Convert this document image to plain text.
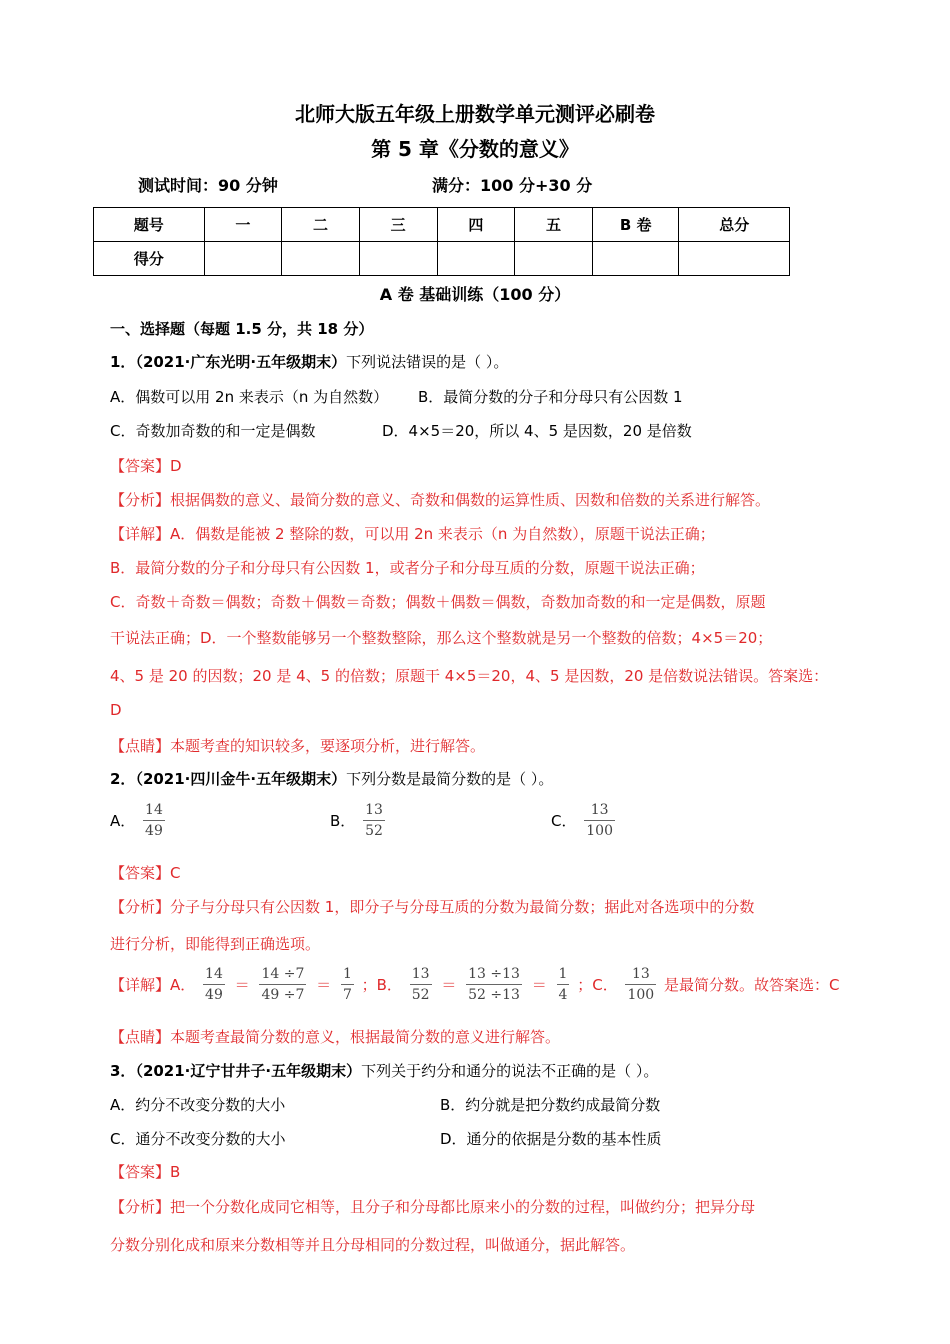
北师大版五年级上册数学单元测评必刷卷
第 5 章《分数的意义》
测试时间：90 分钟	满分：100 分+30 分
题号	一	二	三	四	五	B 卷	总分
得分							
A 卷 基础训练（100 分）
一、选择题（每题 1.5 分，共 18 分）
1．（2021·广东光明·五年级期末）下列说法错误的是（ ）。
A．偶数可以用 2n 来表示（n 为自然数） B．最简分数的分子和分母只有公因数 1
C．奇数加奇数的和一定是偶数	D．4×5＝20，所以 4、5 是因数，20 是倍数
【答案】D
【分析】根据偶数的意义、最简分数的意义、奇数和偶数的运算性质、因数和倍数的关系进行解答。
【详解】A．偶数是能被 2 整除的数，可以用 2n 来表示（n 为自然数），原题干说法正确；
B．最简分数的分子和分母只有公因数 1，或者分子和分母互质的分数，原题干说法正确；
C．奇数＋奇数＝偶数；奇数＋偶数＝奇数；偶数＋偶数＝偶数，奇数加奇数的和一定是偶数，原题
干说法正确；D．一个整数能够另一个整数整除，那么这个整数就是另一个整数的倍数；4×5＝20；
4、5 是 20 的因数；20 是 4、5 的倍数；原题干 4×5＝20，4、5 是因数，20 是倍数说法错误。答案选：
D
【点睛】本题考查的知识较多，要逐项分析，进行解答。
2．（2021·四川金牛·五年级期末）下列分数是最简分数的是（ ）。
A． $\frac{14}{49}$	B． $\frac{13}{52}$	C． $\frac{13}{100}$
【答案】C
【分析】分子与分母只有公因数 1，即分子与分母互质的分数为最简分数；据此对各选项中的分数
进行分析，即能得到正确选项。
【详解】A． $\frac{14}{49} = \frac{14 \div 7}{49 \div 7} = \frac{1}{7}$ ；B． $\frac{13}{52} = \frac{13 \div 13}{52 \div 13} = \frac{1}{4}$ ；C． $\frac{13}{100}$ 是最简分数。故答案选：C
【点睛】本题考查最简分数的意义，根据最简分数的意义进行解答。
3．（2021·辽宁甘井子·五年级期末）下列关于约分和通分的说法不正确的是（ ）。
A．约分不改变分数的大小	B．约分就是把分数约成最简分数
C．通分不改变分数的大小	D．通分的依据是分数的基本性质
【答案】B
【分析】把一个分数化成同它相等，且分子和分母都比原来小的分数的过程，叫做约分；把异分母
分数分别化成和原来分数相等并且分母相同的分数过程，叫做通分，据此解答。
